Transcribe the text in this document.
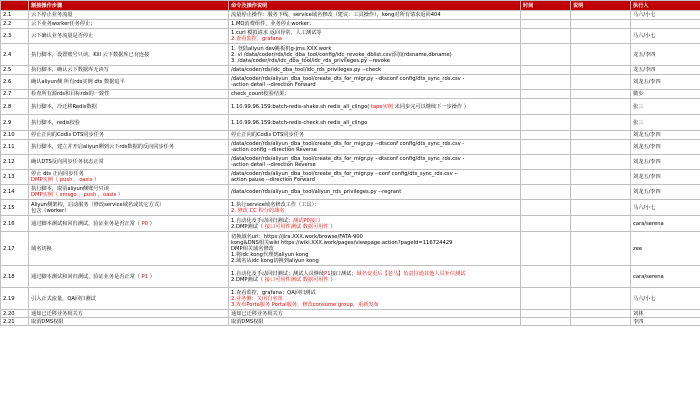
	割接操作步骤	命令及操作说明	时间	说明	执行人
2.1	云下停止业务流量	流量停止操作：服务下线，service域名修改（建议：工具操作），kong对所有请求返回404			马六/小七
2.2	云下业务worker任务停止；	1.MQ消费组件，业务停止worker；			

2.3	云下确认业务流量是否停止	1.curl 模拟请求 返回异常、人工测试等
2.查看监控，grafana			马六/小七
2.4	执行脚本，设置账号只读，Kill 云下数据库已有连接	1. 登陆aliyun dev跳板机g-jms.XXX.work
2. vi /data/coder/rds/idc_dba_tool/config/idc_revoke_dblist.csv添加(rdsname,dbname)
3. /data/coder/rds/idc_dba_tool/idc_rds_privileges.py --revoke			龙五/李四
2.5	执行脚本，确认云下数据库无读写	/data/coder/rds/idc_dba_tool/idc_rds_privileges.py --check			龙五/李四
2.6	确认aliyun侧 所有rds实例 dts 数据追平	/data/coder/rds/aliyun_dba_tool/create_dts_for_migr.py --dtsconf config/dts_sync_rds.csv -
-action detail --direction Forward			刘龙五/李四
2.7	检查所有源rds和目标rds的一致性	check_count校验结果；			微步
2.8	执行脚本，冷迁移Redis数据	1.10.99.96.159:batch-redis-shake.sh redis_all_clingo( tape实例 未同步完可以继续下一步操作 ）			张三
2.9	执行脚本，redis校验	1.10.99.96.159:batch-redis-check.sh redis_all_clingo			张三
2.10	停止正向的Codis DTS同步任务	停止正向的Codis DTS同步任务			刘龙五/李四
2.11	执行脚本，建立并开启aliyun侧到云下rds数据的反向同步任务	/data/coder/rds/aliyun_dba_tool/create_dts_for_migr.py --dtsconf config/dts_sync_rds.csv -
-action config --direction Reverse			刘龙五/李四
2.12	确认DTS反向同步任务状态正常	/data/coder/rds/aliyun_dba_tool/create_dts_for_migr.py --dtsconf config/dts_sync_rds.csv -
-action detail --direction Reverse			刘龙五/李四
2.13	停止 dts 正向同步任务
DMP实例（ push ，oasis ）	/data/coder/rds/aliyun_dba_tool/create_dts_for_migr.py --conf config/dts_sync_rds.csv --
action pause --direction Forward			刘龙五/李四
2.14	执行脚本，取消aliyun侧账号只读
DMP实例（ smsgo ，push ，oasis ）	/data/coder/rds/aliyun_dba_tool/aliyun_rds_privileges.py --regrant			刘龙五/李四
2.15	Aliyun侧架构，启动服务（修改service域名或其它方式）
包含（worker）	1.执行service域名修改工作（工具）：
2. 修改 CC 积分的域名			马六/小七
2.16	通过脚本测试和回归测试，验证业务是否正常（ P0 ）	1.自动化及手动回归测试；测试P0接口
2.DMP测试（ 接口可用性测试 数据可用性 ）			cara/serena
2.17	域名切换	切换域名url：https://jira.XXX.work/browse/FATA-900
kong&DNS相关wiki https://wiki.XXX.work/pages/viewpage.action?pageId=116724429
DMP相关域名修改
1.将idc kong代理到aliyun kong
2.域名从idc kong切换到aliyun kong			zee
2.18	通过脚本测试和回归测试，验证业务是否正常（ P1 ）	1.自动化及手动回归测试；测试人员继续P1接口测试；域名变更后【老马】负责拉通其他人员补位测试
2.DMP测试（ 接口可用性测试 数据可用性 ）			cara/serena
2.19	引入正式流量，QA回归测试	1.查看监控，grafana；QA回归测试
2.业务侧：关闭白名单
3.发布Porta服务 Portal服务，修改consume group，重新发布			马六/小七
2.20	通知已迁移业务相关方	通知已迁移业务相关方			刘林
2.21	取消DMS权限	取消DMS权限			李四
